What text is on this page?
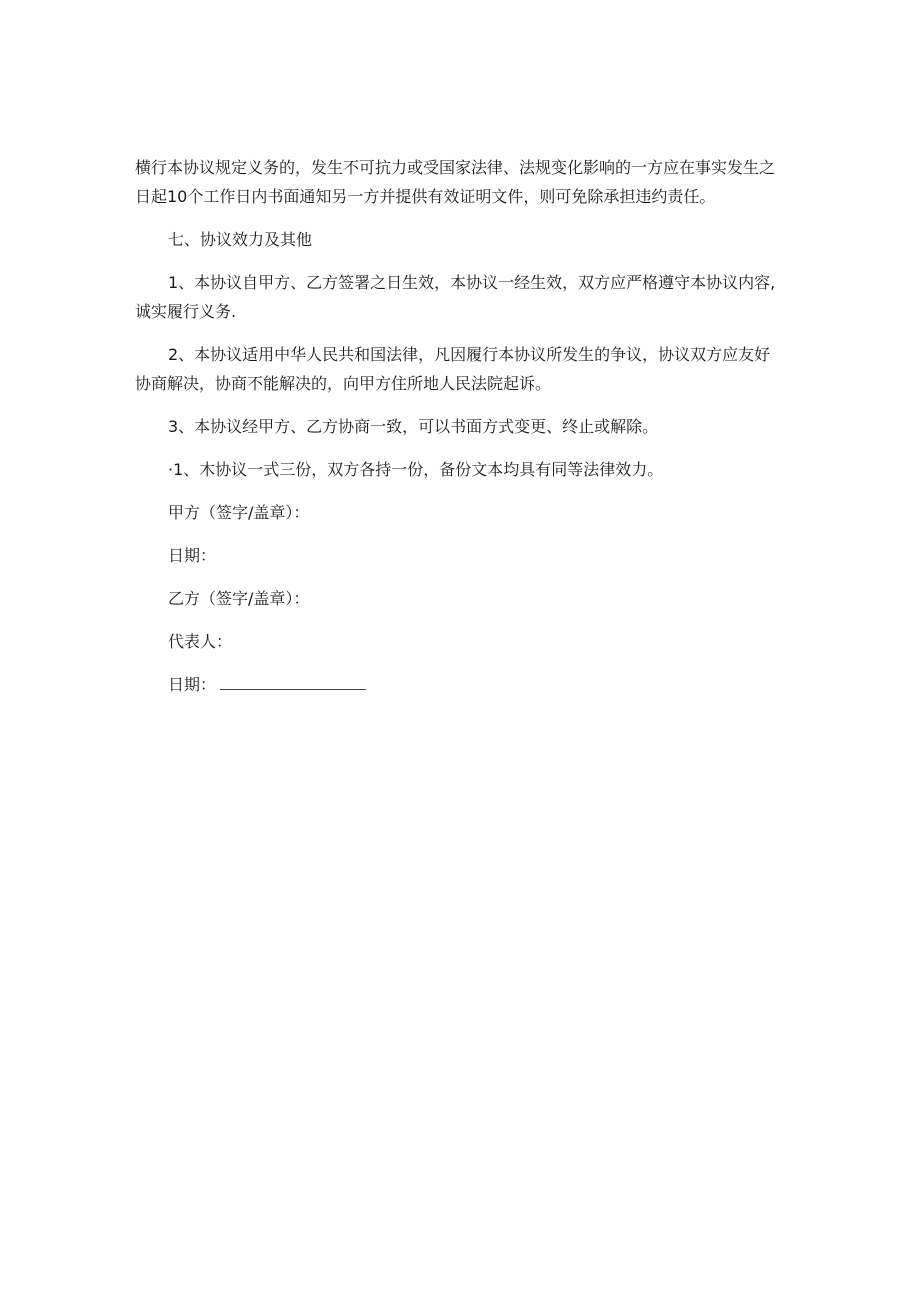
横行本协议规定义务的，发生不可抗力或受国家法律、法规变化影响的一方应在事实发生之日起10个工作日内书面通知另一方并提供有效证明文件，则可免除承担违约责任。

七、协议效力及其他

1、本协议自甲方、乙方签署之日生效，本协议一经生效，双方应严格遵守本协议内容, 诚实履行义务.

2、本协议适用中华人民共和国法律，凡因履行本协议所发生的争议，协议双方应友好协商解决，协商不能解决的，向甲方住所地人民法院起诉。

3、本协议经甲方、乙方协商一致，可以书面方式变更、终止或解除。

·1、木协议一式三份，双方各持一份，备份文本均具有同等法律效力。

甲方（签字/盖章）：
日期：
乙方（签字/盖章）：
代表人：
日期：
